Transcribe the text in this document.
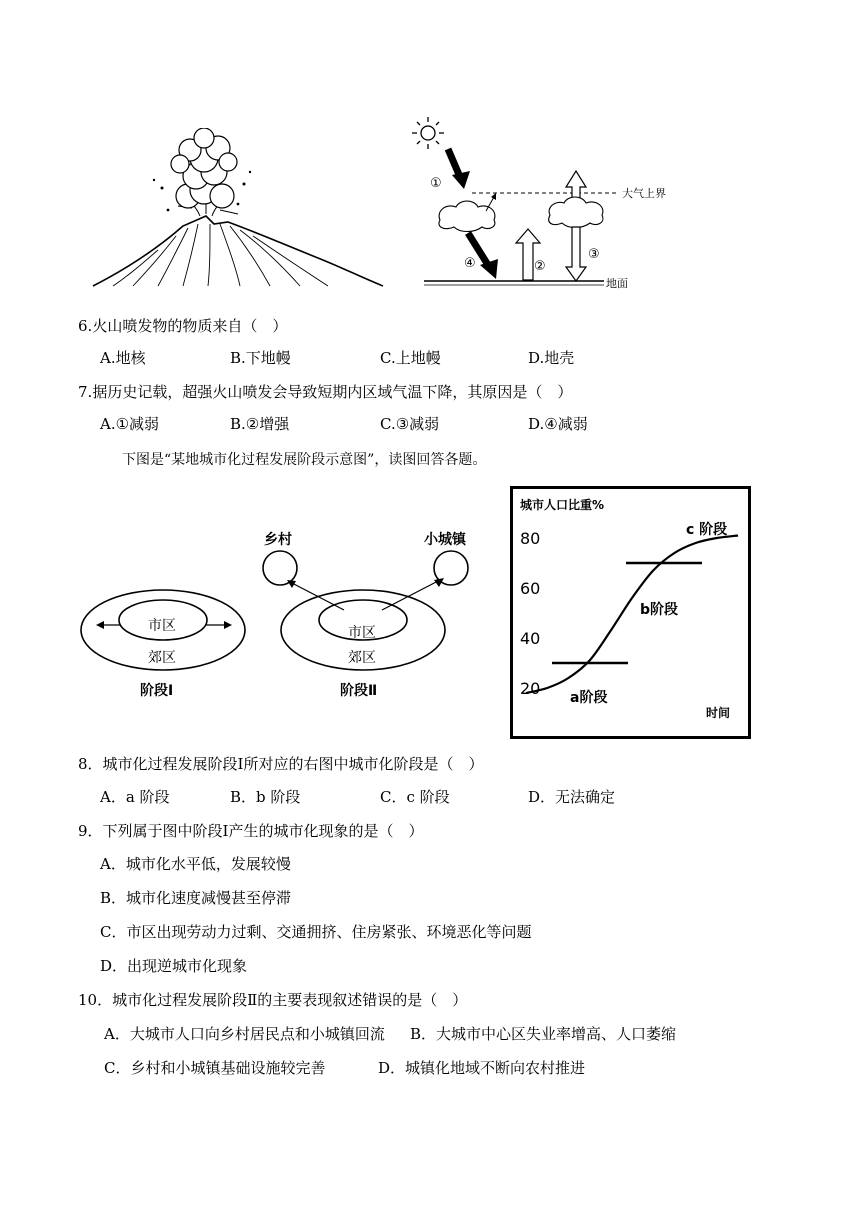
大气上界
①
④	②
③
地面
6.火山喷发物的物质来自（　）
A.地核	B.下地幔	C.上地幔	D.地壳
7.据历史记载，超强火山喷发会导致短期内区域气温下降，其原因是（　）
A.①减弱	B.②增强	C.③减弱	D.④减弱
下图是“某地城市化过程发展阶段示意图”，读图回答各题。
市区
郊区
市区
郊区
阶段Ⅰ	阶段Ⅱ
乡村	小城镇
城市人口比重%
时间
80
60
40
20 a阶段
b阶段
c 阶段
8．城市化过程发展阶段Ⅰ所对应的右图中城市化阶段是（　）
A．a 阶段	B．b 阶段	C．c 阶段	D．无法确定
9．下列属于图中阶段Ⅰ产生的城市化现象的是（　）
A．城市化水平低，发展较慢
B．城市化速度减慢甚至停滞
C．市区出现劳动力过剩、交通拥挤、住房紧张、环境恶化等问题
D．出现逆城市化现象
10．城市化过程发展阶段Ⅱ的主要表现叙述错误的是（　）
A．大城市人口向乡村居民点和小城镇回流 B．大城市中心区失业率增高、人口萎缩
C．乡村和小城镇基础设施较完善	D．城镇化地域不断向农村推进
